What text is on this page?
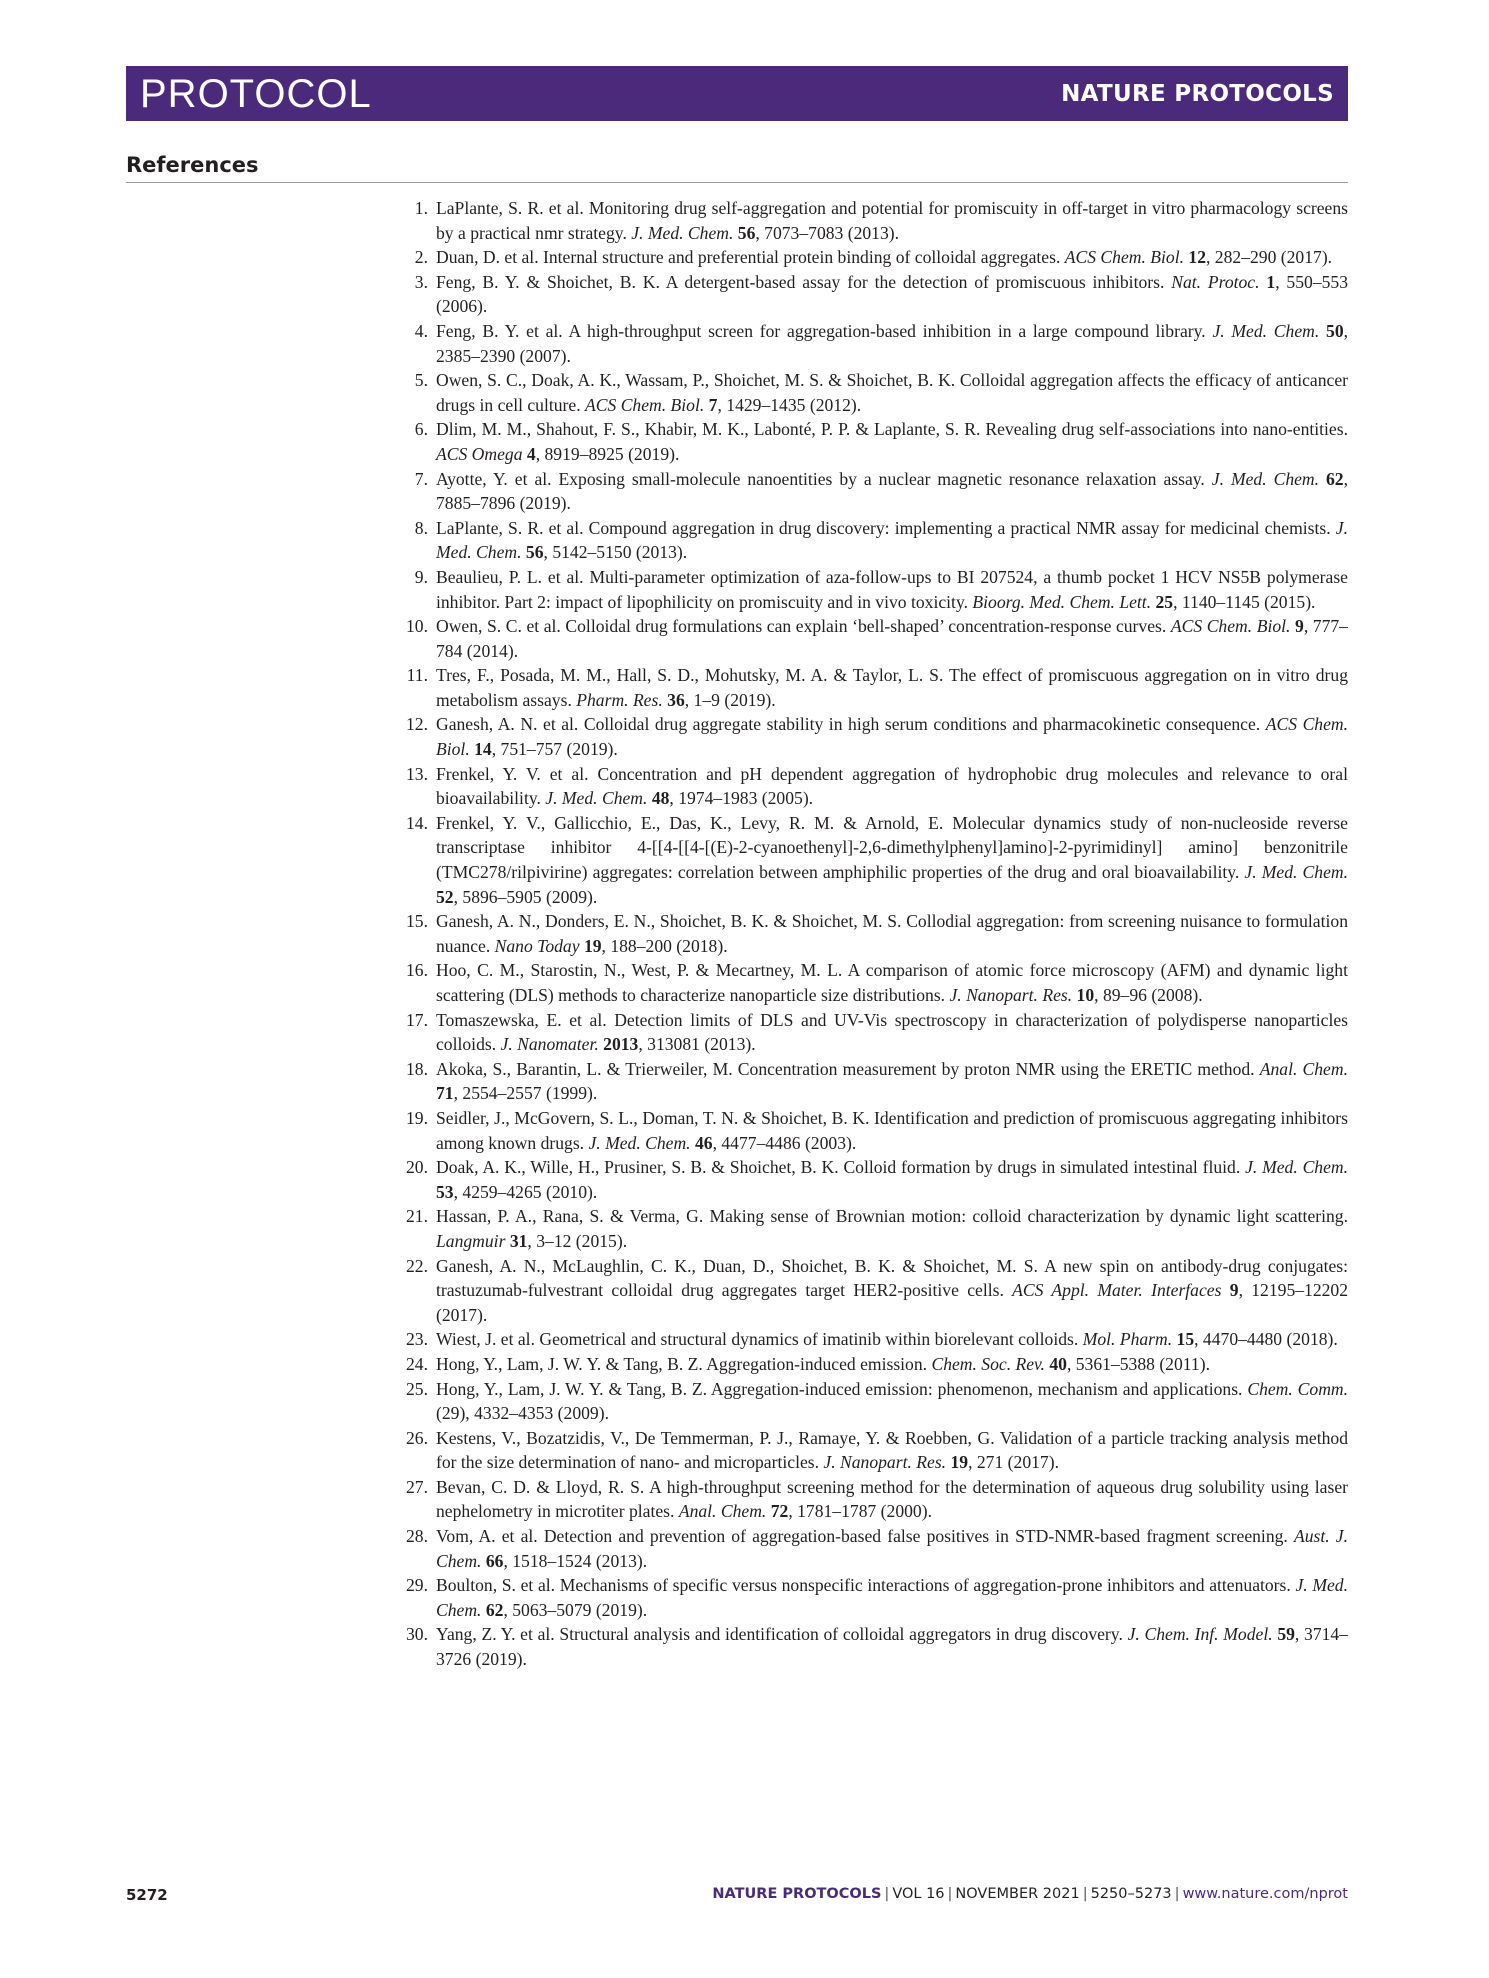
PROTOCOL	NATURE PROTOCOLS
References
1. LaPlante, S. R. et al. Monitoring drug self-aggregation and potential for promiscuity in off-target in vitro pharmacology screens by a practical nmr strategy. J. Med. Chem. 56, 7073–7083 (2013).
2. Duan, D. et al. Internal structure and preferential protein binding of colloidal aggregates. ACS Chem. Biol. 12, 282–290 (2017).
3. Feng, B. Y. & Shoichet, B. K. A detergent-based assay for the detection of promiscuous inhibitors. Nat. Protoc. 1, 550–553 (2006).
4. Feng, B. Y. et al. A high-throughput screen for aggregation-based inhibition in a large compound library. J. Med. Chem. 50, 2385–2390 (2007).
5. Owen, S. C., Doak, A. K., Wassam, P., Shoichet, M. S. & Shoichet, B. K. Colloidal aggregation affects the efficacy of anticancer drugs in cell culture. ACS Chem. Biol. 7, 1429–1435 (2012).
6. Dlim, M. M., Shahout, F. S., Khabir, M. K., Labonté, P. P. & Laplante, S. R. Revealing drug self-associations into nano-entities. ACS Omega 4, 8919–8925 (2019).
7. Ayotte, Y. et al. Exposing small-molecule nanoentities by a nuclear magnetic resonance relaxation assay. J. Med. Chem. 62, 7885–7896 (2019).
8. LaPlante, S. R. et al. Compound aggregation in drug discovery: implementing a practical NMR assay for medicinal chemists. J. Med. Chem. 56, 5142–5150 (2013).
9. Beaulieu, P. L. et al. Multi-parameter optimization of aza-follow-ups to BI 207524, a thumb pocket 1 HCV NS5B polymerase inhibitor. Part 2: impact of lipophilicity on promiscuity and in vivo toxicity. Bioorg. Med. Chem. Lett. 25, 1140–1145 (2015).
10. Owen, S. C. et al. Colloidal drug formulations can explain ‘bell-shaped’ concentration-response curves. ACS Chem. Biol. 9, 777–784 (2014).
11. Tres, F., Posada, M. M., Hall, S. D., Mohutsky, M. A. & Taylor, L. S. The effect of promiscuous aggregation on in vitro drug metabolism assays. Pharm. Res. 36, 1–9 (2019).
12. Ganesh, A. N. et al. Colloidal drug aggregate stability in high serum conditions and pharmacokinetic consequence. ACS Chem. Biol. 14, 751–757 (2019).
13. Frenkel, Y. V. et al. Concentration and pH dependent aggregation of hydrophobic drug molecules and relevance to oral bioavailability. J. Med. Chem. 48, 1974–1983 (2005).
14. Frenkel, Y. V., Gallicchio, E., Das, K., Levy, R. M. & Arnold, E. Molecular dynamics study of non-nucleoside reverse transcriptase inhibitor 4-[[4-[[4-[(E)-2-cyanoethenyl]-2,6-dimethylphenyl]amino]-2-pyrimidinyl] amino] benzonitrile (TMC278/rilpivirine) aggregates: correlation between amphiphilic properties of the drug and oral bioavailability. J. Med. Chem. 52, 5896–5905 (2009).
15. Ganesh, A. N., Donders, E. N., Shoichet, B. K. & Shoichet, M. S. Collodial aggregation: from screening nuisance to formulation nuance. Nano Today 19, 188–200 (2018).
16. Hoo, C. M., Starostin, N., West, P. & Mecartney, M. L. A comparison of atomic force microscopy (AFM) and dynamic light scattering (DLS) methods to characterize nanoparticle size distributions. J. Nanopart. Res. 10, 89–96 (2008).
17. Tomaszewska, E. et al. Detection limits of DLS and UV-Vis spectroscopy in characterization of polydisperse nanoparticles colloids. J. Nanomater. 2013, 313081 (2013).
18. Akoka, S., Barantin, L. & Trierweiler, M. Concentration measurement by proton NMR using the ERETIC method. Anal. Chem. 71, 2554–2557 (1999).
19. Seidler, J., McGovern, S. L., Doman, T. N. & Shoichet, B. K. Identification and prediction of promiscuous aggregating inhibitors among known drugs. J. Med. Chem. 46, 4477–4486 (2003).
20. Doak, A. K., Wille, H., Prusiner, S. B. & Shoichet, B. K. Colloid formation by drugs in simulated intestinal fluid. J. Med. Chem. 53, 4259–4265 (2010).
21. Hassan, P. A., Rana, S. & Verma, G. Making sense of Brownian motion: colloid characterization by dynamic light scattering. Langmuir 31, 3–12 (2015).
22. Ganesh, A. N., McLaughlin, C. K., Duan, D., Shoichet, B. K. & Shoichet, M. S. A new spin on antibody-drug conjugates: trastuzumab-fulvestrant colloidal drug aggregates target HER2-positive cells. ACS Appl. Mater. Interfaces 9, 12195–12202 (2017).
23. Wiest, J. et al. Geometrical and structural dynamics of imatinib within biorelevant colloids. Mol. Pharm. 15, 4470–4480 (2018).
24. Hong, Y., Lam, J. W. Y. & Tang, B. Z. Aggregation-induced emission. Chem. Soc. Rev. 40, 5361–5388 (2011).
25. Hong, Y., Lam, J. W. Y. & Tang, B. Z. Aggregation-induced emission: phenomenon, mechanism and applications. Chem. Comm. (29), 4332–4353 (2009).
26. Kestens, V., Bozatzidis, V., De Temmerman, P. J., Ramaye, Y. & Roebben, G. Validation of a particle tracking analysis method for the size determination of nano- and microparticles. J. Nanopart. Res. 19, 271 (2017).
27. Bevan, C. D. & Lloyd, R. S. A high-throughput screening method for the determination of aqueous drug solubility using laser nephelometry in microtiter plates. Anal. Chem. 72, 1781–1787 (2000).
28. Vom, A. et al. Detection and prevention of aggregation-based false positives in STD-NMR-based fragment screening. Aust. J. Chem. 66, 1518–1524 (2013).
29. Boulton, S. et al. Mechanisms of specific versus nonspecific interactions of aggregation-prone inhibitors and attenuators. J. Med. Chem. 62, 5063–5079 (2019).
30. Yang, Z. Y. et al. Structural analysis and identification of colloidal aggregators in drug discovery. J. Chem. Inf. Model. 59, 3714–3726 (2019).
5272	NATURE PROTOCOLS | VOL 16 | NOVEMBER 2021 | 5250–5273 | www.nature.com/nprot
